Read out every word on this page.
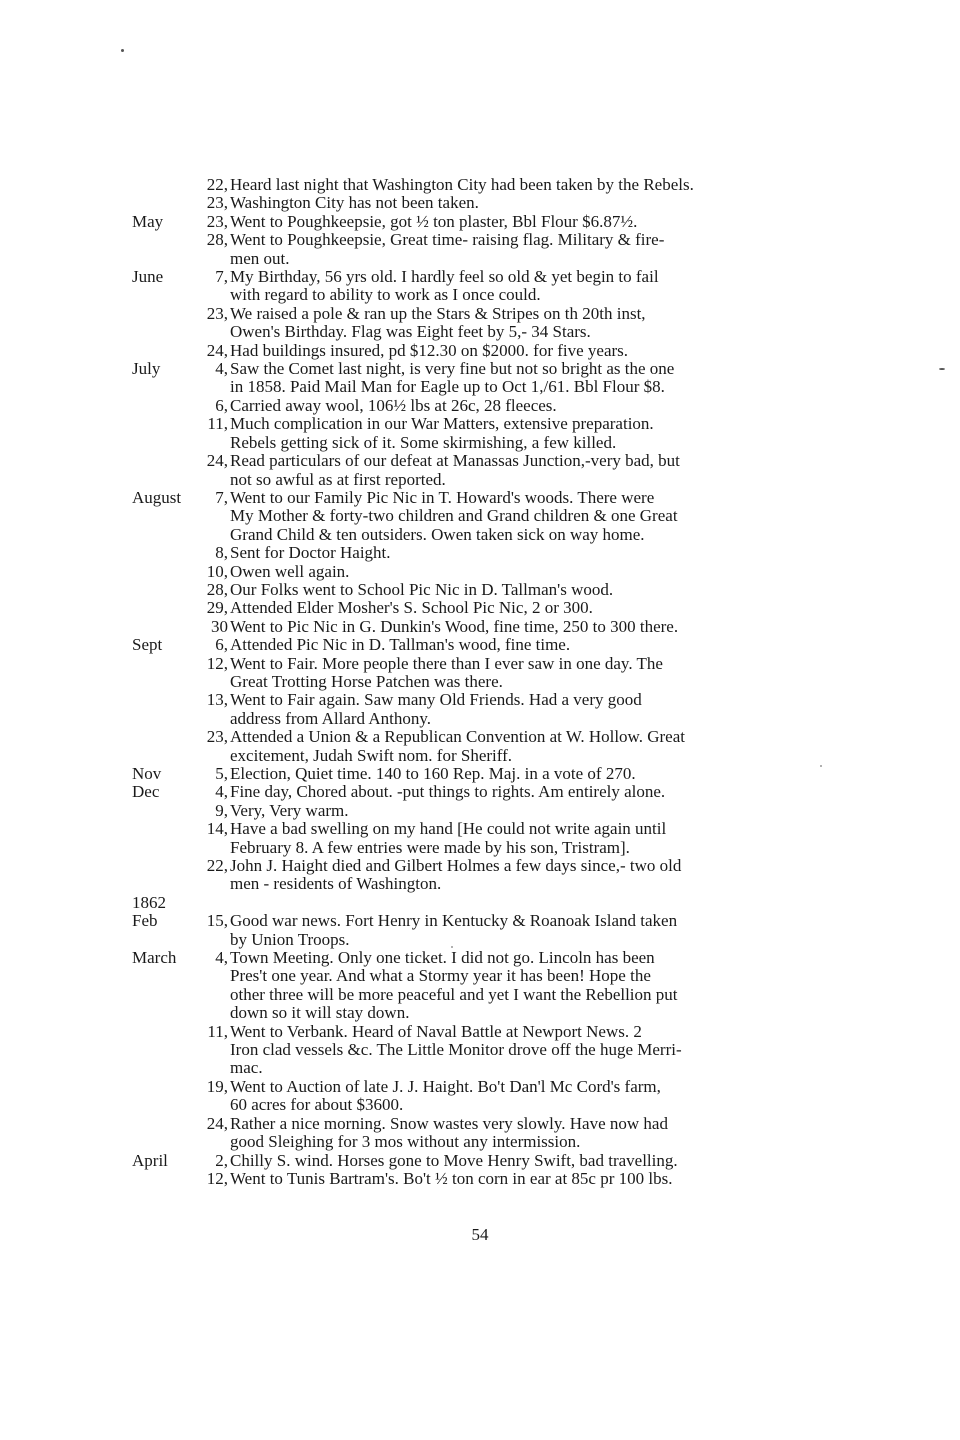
22, Heard last night that Washington City had been taken by the Rebels.
23, Washington City has not been taken.
May	23, Went to Poughkeepsie, got ½ ton plaster, Bbl Flour $6.87½.
28, Went to Poughkeepsie, Great time- raising flag. Military & fire-
men out.
June	7, My Birthday, 56 yrs old. I hardly feel so old & yet begin to fail
with regard to ability to work as I once could.
23, We raised a pole & ran up the Stars & Stripes on th 20th inst,
Owen's Birthday. Flag was Eight feet by 5,- 34 Stars.
24, Had buildings insured, pd $12.30 on $2000. for five years.
July	4, Saw the Comet last night, is very fine but not so bright as the one
in 1858. Paid Mail Man for Eagle up to Oct 1,/61. Bbl Flour $8.
6, Carried away wool, 106½ lbs at 26c, 28 fleeces.
11, Much complication in our War Matters, extensive preparation.
Rebels getting sick of it. Some skirmishing, a few killed.
24, Read particulars of our defeat at Manassas Junction,-very bad, but
not so awful as at first reported.
August 7, Went to our Family Pic Nic in T. Howard's woods. There were
My Mother & forty-two children and Grand children & one Great
Grand Child & ten outsiders. Owen taken sick on way home.
8, Sent for Doctor Haight.
10, Owen well again.
28, Our Folks went to School Pic Nic in D. Tallman's wood.
29, Attended Elder Mosher's S. School Pic Nic, 2 or 300.
30 Went to Pic Nic in G. Dunkin's Wood, fine time, 250 to 300 there.
Sept	6, Attended Pic Nic in D. Tallman's wood, fine time.
12, Went to Fair. More people there than I ever saw in one day. The
Great Trotting Horse Patchen was there.
13, Went to Fair again. Saw many Old Friends. Had a very good
address from Allard Anthony.
23, Attended a Union & a Republican Convention at W. Hollow. Great
excitement, Judah Swift nom. for Sheriff.
Nov	5, Election, Quiet time. 140 to 160 Rep. Maj. in a vote of 270.
Dec	4, Fine day, Chored about. -put things to rights. Am entirely alone.
9, Very, Very warm.
14, Have a bad swelling on my hand [He could not write again until
February 8. A few entries were made by his son, Tristram].
22, John J. Haight died and Gilbert Holmes a few days since,- two old
men - residents of Washington.
1862
Feb	15, Good war news. Fort Henry in Kentucky & Roanoak Island taken
by Union Troops.
March 4, Town Meeting. Only one ticket. I did not go. Lincoln has been
Pres't one year. And what a Stormy year it has been! Hope the
other three will be more peaceful and yet I want the Rebellion put
down so it will stay down.
11, Went to Verbank. Heard of Naval Battle at Newport News. 2
Iron clad vessels &c. The Little Monitor drove off the huge Merri-
mac.
19, Went to Auction of late J. J. Haight. Bo't Dan'l Mc Cord's farm,
60 acres for about $3600.
24, Rather a nice morning. Snow wastes very slowly. Have now had
good Sleighing for 3 mos without any intermission.
April	2, Chilly S. wind. Horses gone to Move Henry Swift, bad travelling.
12, Went to Tunis Bartram's. Bo't ½ ton corn in ear at 85c pr 100 lbs.
54
